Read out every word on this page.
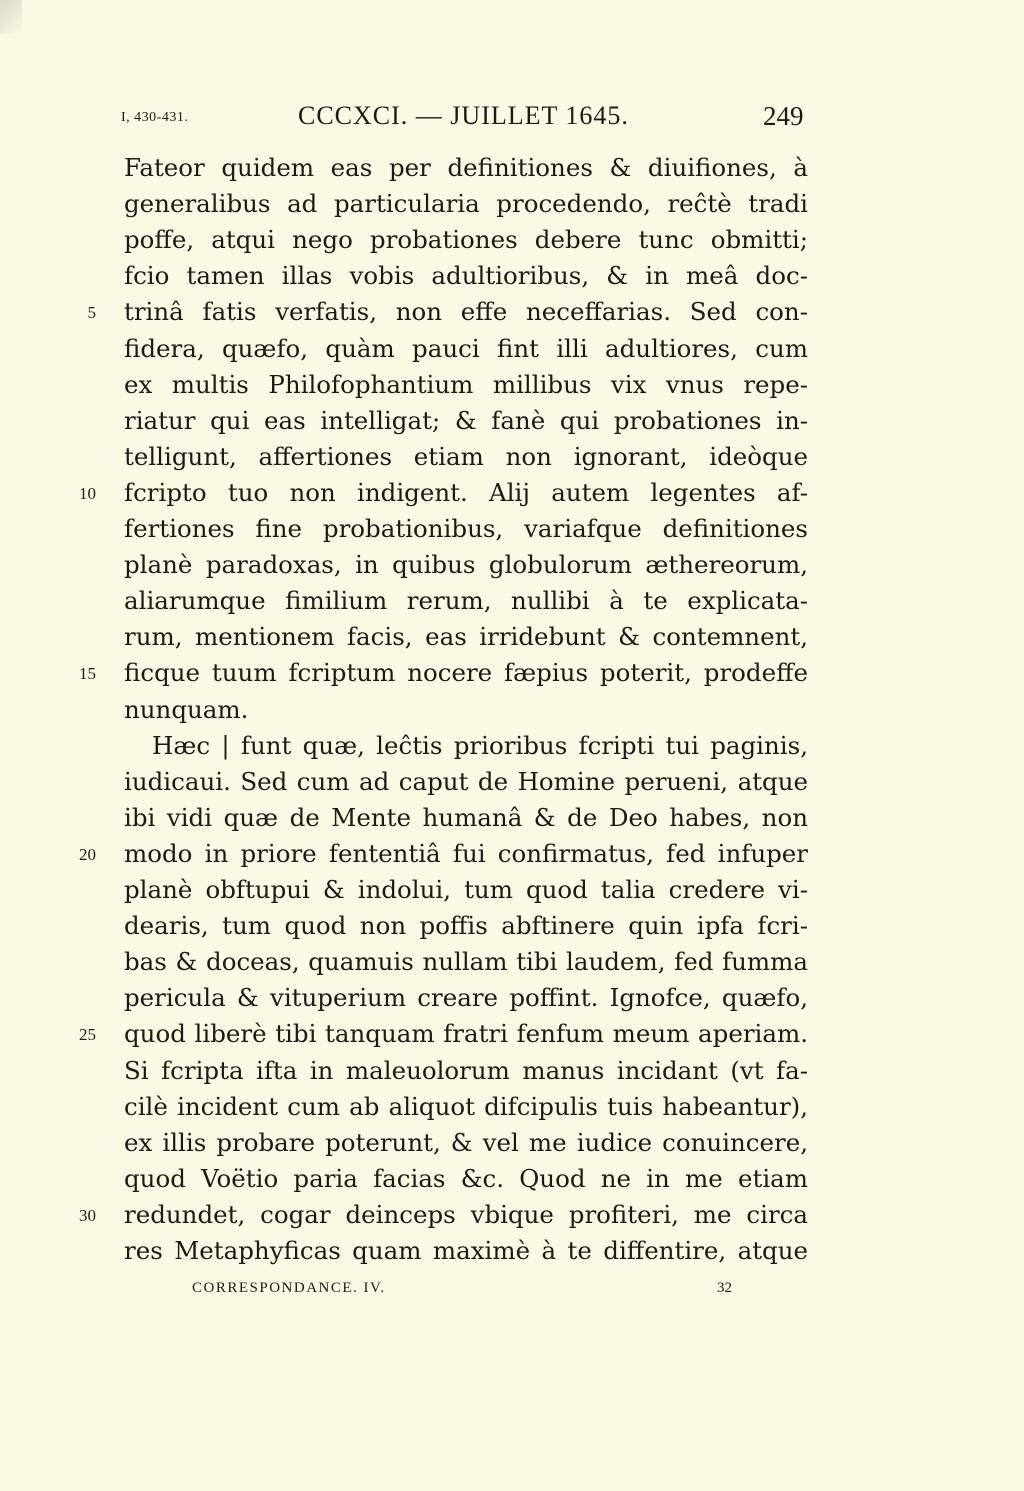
I, 430-431.	CCCXCI. — JUILLET 1645.	249
Fateor quidem eas per definitiones & diuifiones, à
generalibus ad particularia procedendo, reĉtè tradi
poffe, atqui nego probationes debere tunc obmitti;
fcio tamen illas vobis adultioribus, & in meâ doc-
trinâ fatis verfatis, non effe neceffarias. Sed con-
5
fidera, quæfo, quàm pauci fint illi adultiores, cum
ex multis Philofophantium millibus vix vnus repe-
riatur qui eas intelligat; & fanè qui probationes in-
telligunt, affertiones etiam non ignorant, ideòque
fcripto tuo non indigent. Alij autem legentes af-
10
fertiones fine probationibus, variafque definitiones
planè paradoxas, in quibus globulorum æthereorum,
aliarumque fimilium rerum, nullibi à te explicata-
rum, mentionem facis, eas irridebunt & contemnent,
ficque tuum fcriptum nocere fæpius poterit, prodeffe
15
nunquam.
Hæc | funt quæ, leĉtis prioribus fcripti tui paginis,
iudicaui. Sed cum ad caput de Homine perueni, atque
ibi vidi quæ de Mente humanâ & de Deo habes, non
modo in priore fententiâ fui confirmatus, fed infuper
20
planè obftupui & indolui, tum quod talia credere vi-
dearis, tum quod non poffis abftinere quin ipfa fcri-
bas & doceas, quamuis nullam tibi laudem, fed fumma
pericula & vituperium creare poffint. Ignofce, quæfo,
quod liberè tibi tanquam fratri fenfum meum aperiam.
25
Si fcripta ifta in maleuolorum manus incidant (vt fa-
cilè incident cum ab aliquot difcipulis tuis habeantur),
ex illis probare poterunt, & vel me iudice conuincere,
quod Voëtio paria facias &c. Quod ne in me etiam
redundet, cogar deinceps vbique profiteri, me circa
30
res Metaphyficas quam maximè à te diffentire, atque
CORRESPONDANCE. IV.	32
